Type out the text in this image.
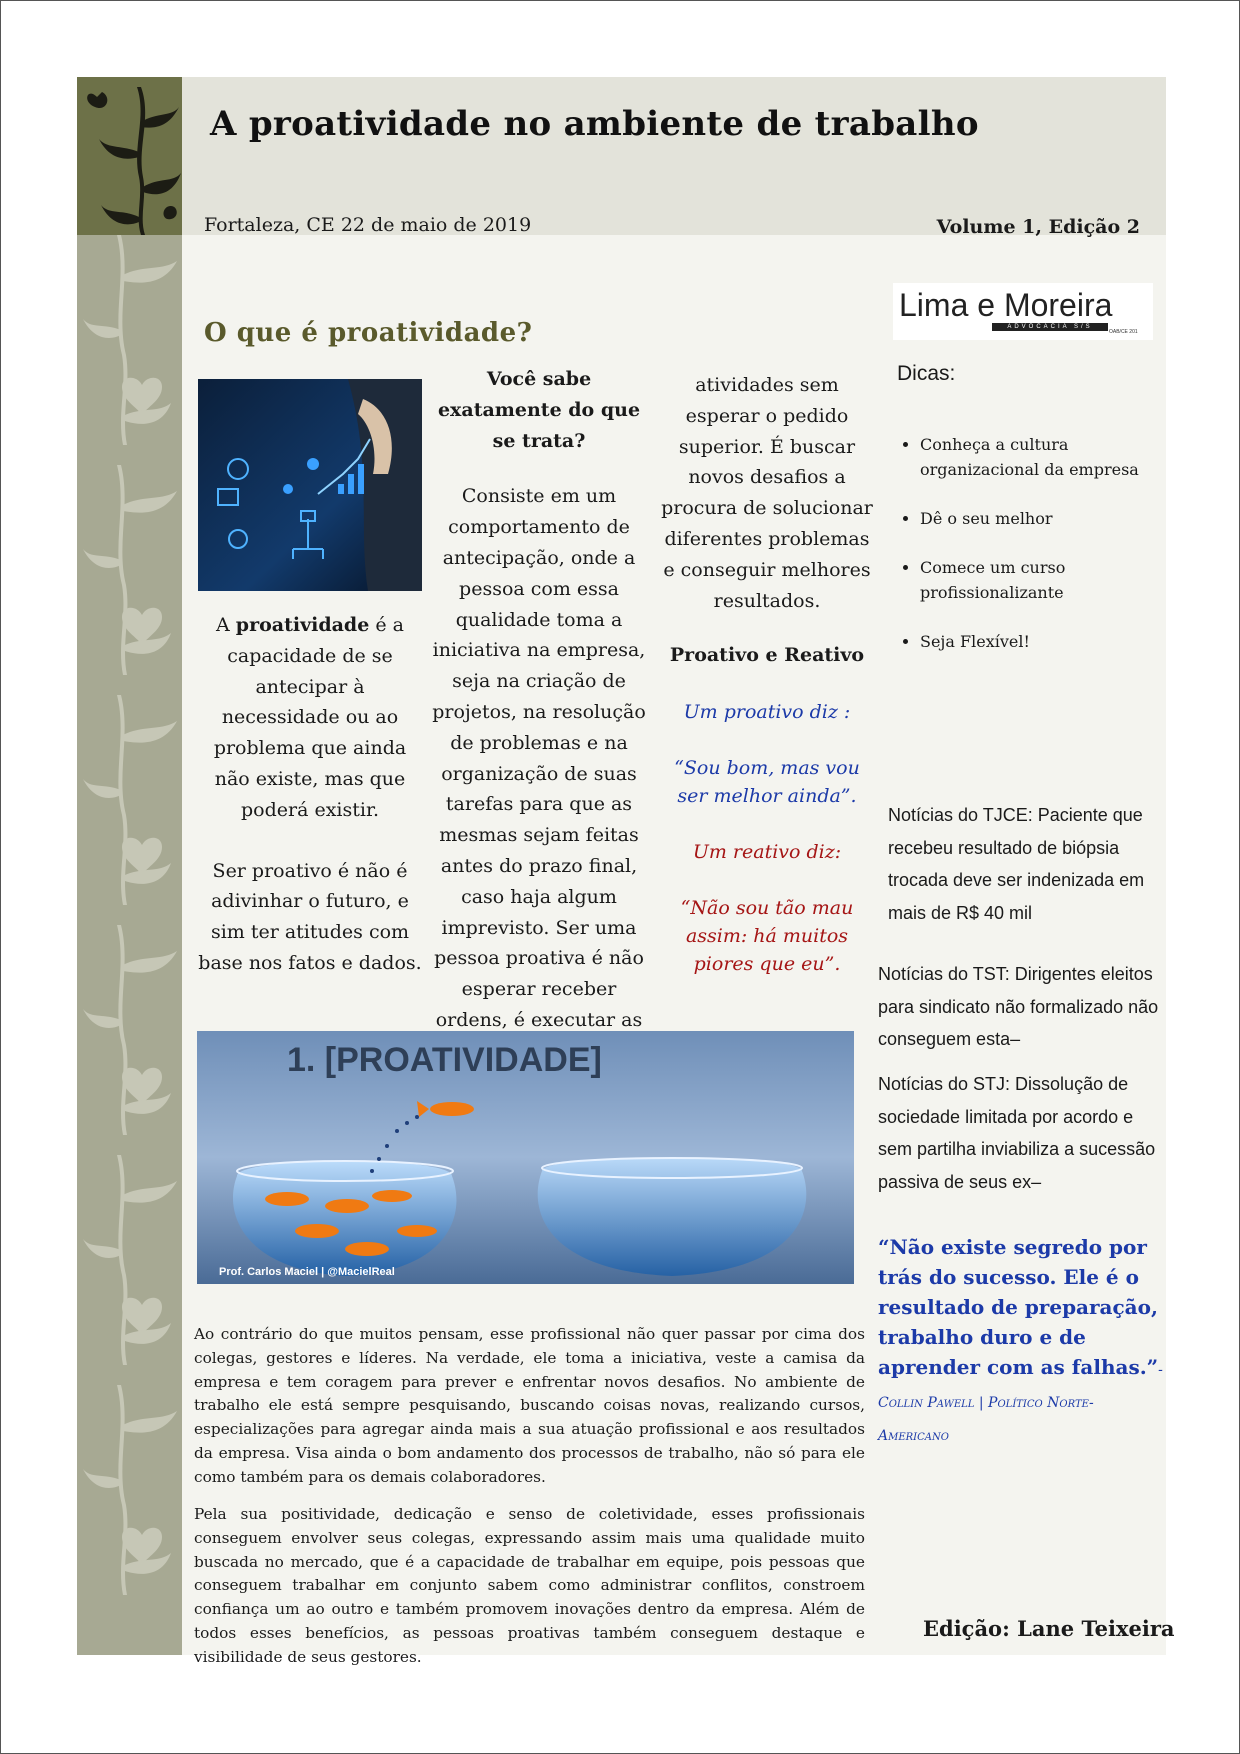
A proatividade no ambiente de trabalho
Fortaleza, CE 22 de maio de 2019	Volume 1, Edição 2
Lima e Moreira
ADVOCACIA S/S
OAB/CE 201
O que é proatividade?

A proatividade é a capacidade de se antecipar à necessidade ou ao problema que ainda não existe, mas que poderá existir.

Ser proativo é não é adivinhar o futuro, e sim ter atitudes com base nos fatos e dados.

Você sabe exatamente do que se trata?

Consiste em um comportamento de antecipação, onde a pessoa com essa qualidade toma a iniciativa na empresa, seja na criação de projetos, na resolução de problemas e na organização de suas tarefas para que as mesmas sejam feitas antes do prazo final, caso haja algum imprevisto. Ser uma pessoa proativa é não esperar receber ordens, é executar as

atividades sem esperar o pedido superior. É buscar novos desafios a procura de solucionar diferentes problemas e conseguir melhores resultados.

Proativo e Reativo

Um proativo diz :

“Sou bom, mas vou ser melhor ainda”.

Um reativo diz:

“Não sou tão mau assim: há muitos piores que eu”.

Dicas:
• Conheça a cultura organizacional da empresa
• Dê o seu melhor
• Comece um curso profissionalizante
• Seja Flexível!
Notícias do TJCE: Paciente que recebeu resultado de biópsia trocada deve ser indenizada em mais de R$ 40 mil
Notícias do TST: Dirigentes eleitos para sindicato não formalizado não conseguem esta–
Notícias do STJ: Dissolução de sociedade limitada por acordo e sem partilha inviabiliza a sucessão passiva de seus ex–
1. [PROATIVIDADE]
Prof. Carlos Maciel | @MacielReal

Ao contrário do que muitos pensam, esse profissional não quer passar por cima dos colegas, gestores e líderes. Na verdade, ele toma a iniciativa, veste a camisa da empresa e tem coragem para prever e enfrentar novos desafios. No ambiente de trabalho ele está sempre pesquisando, buscando coisas novas, realizando cursos, especializações para agregar ainda mais a sua atuação profissional e aos resultados da empresa. Visa ainda o bom andamento dos processos de trabalho, não só para ele como também para os demais colaboradores.

Pela sua positividade, dedicação e senso de coletividade, esses profissionais conseguem envolver seus colegas, expressando assim mais uma qualidade muito buscada no mercado, que é a capacidade de trabalhar em equipe, pois pessoas que conseguem trabalhar em conjunto sabem como administrar conflitos, constroem confiança um ao outro e também promovem inovações dentro da empresa. Além de todos esses benefícios, as pessoas proativas também conseguem destaque e visibilidade de seus gestores.

“Não existe segredo por trás do sucesso. Ele é o resultado de preparação, trabalho duro e de aprender com as falhas.”- Collin Pawell | Político Norte-Americano
Edição: Lane Teixeira
